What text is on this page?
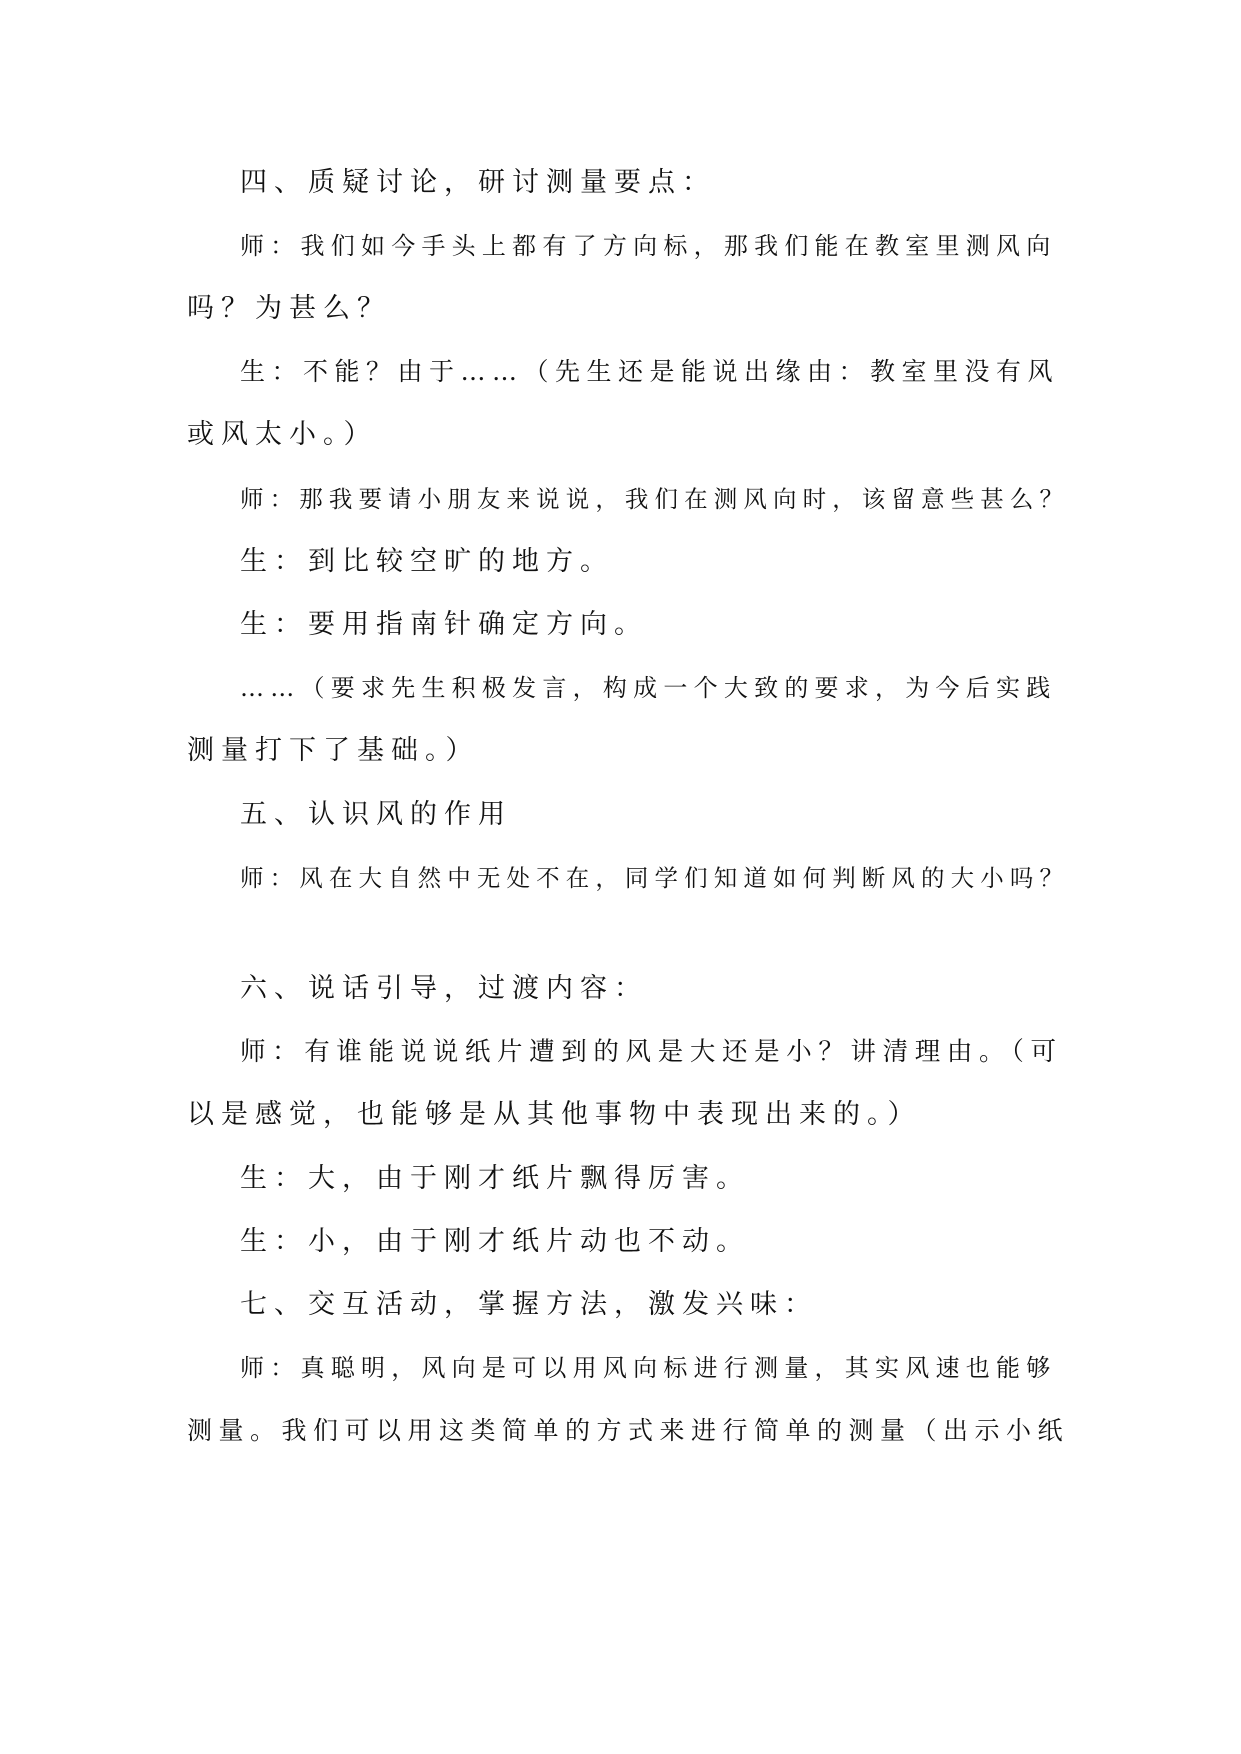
四、质疑讨论，研讨测量要点：
师：我们如今手头上都有了方向标，那我们能在教室里测风向
吗？为甚么？
生：不能？由于……（先生还是能说出缘由：教室里没有风
或风太小。）
师：那我要请小朋友来说说，我们在测风向时，该留意些甚么？
生：到比较空旷的地方。
生：要用指南针确定方向。
……（要求先生积极发言，构成一个大致的要求，为今后实践
测量打下了基础。）
五、认识风的作用
师：风在大自然中无处不在，同学们知道如何判断风的大小吗？
六、说话引导，过渡内容：
师：有谁能说说纸片遭到的风是大还是小？讲清理由。（可
以是感觉，也能够是从其他事物中表现出来的。）
生：大，由于刚才纸片飘得厉害。
生：小，由于刚才纸片动也不动。
七、交互活动，掌握方法，激发兴味：
师：真聪明，风向是可以用风向标进行测量，其实风速也能够
测量。我们可以用这类简单的方式来进行简单的测量（出示小纸
